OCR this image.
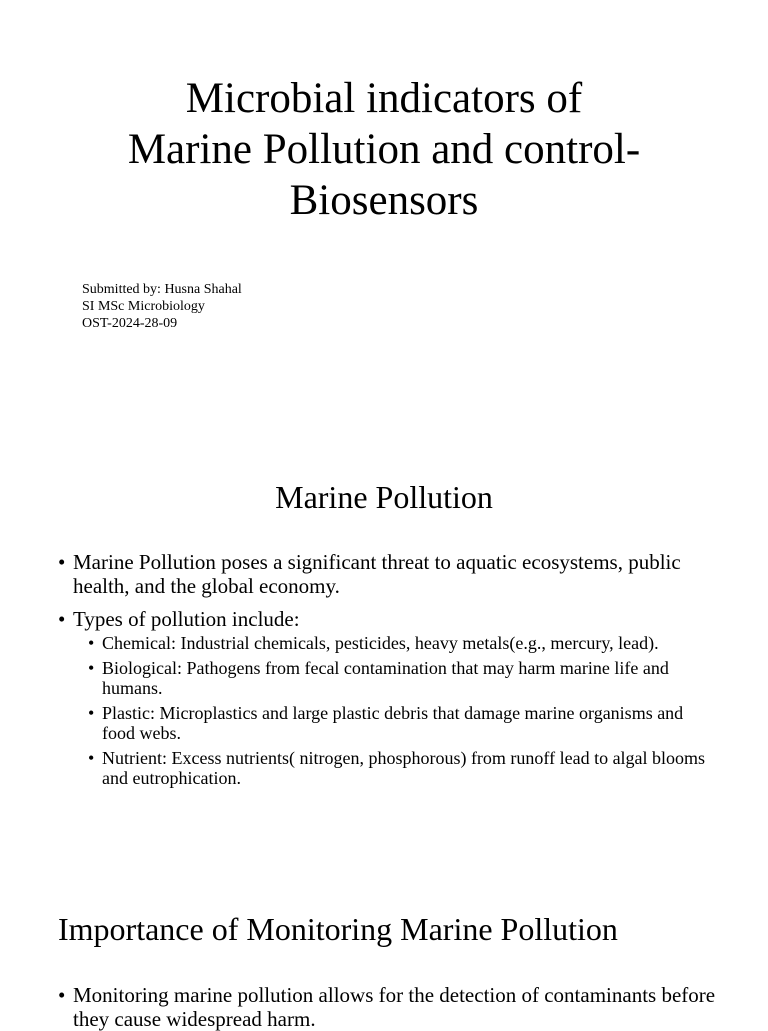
Microbial indicators of
Marine Pollution and control-
Biosensors
Submitted by: Husna Shahal
SI MSc Microbiology
OST-2024-28-09
Marine Pollution
• Marine Pollution poses a significant threat to aquatic ecosystems, public health, and the global economy.
• Types of pollution include:
• Chemical: Industrial chemicals, pesticides, heavy metals(e.g., mercury, lead).
• Biological: Pathogens from fecal contamination that may harm marine life and humans.
• Plastic: Microplastics and large plastic debris that damage marine organisms and food webs.
• Nutrient: Excess nutrients( nitrogen, phosphorous) from runoff lead to algal blooms and eutrophication.
Importance of Monitoring Marine Pollution
• Monitoring marine pollution allows for the detection of contaminants before they cause widespread harm.
